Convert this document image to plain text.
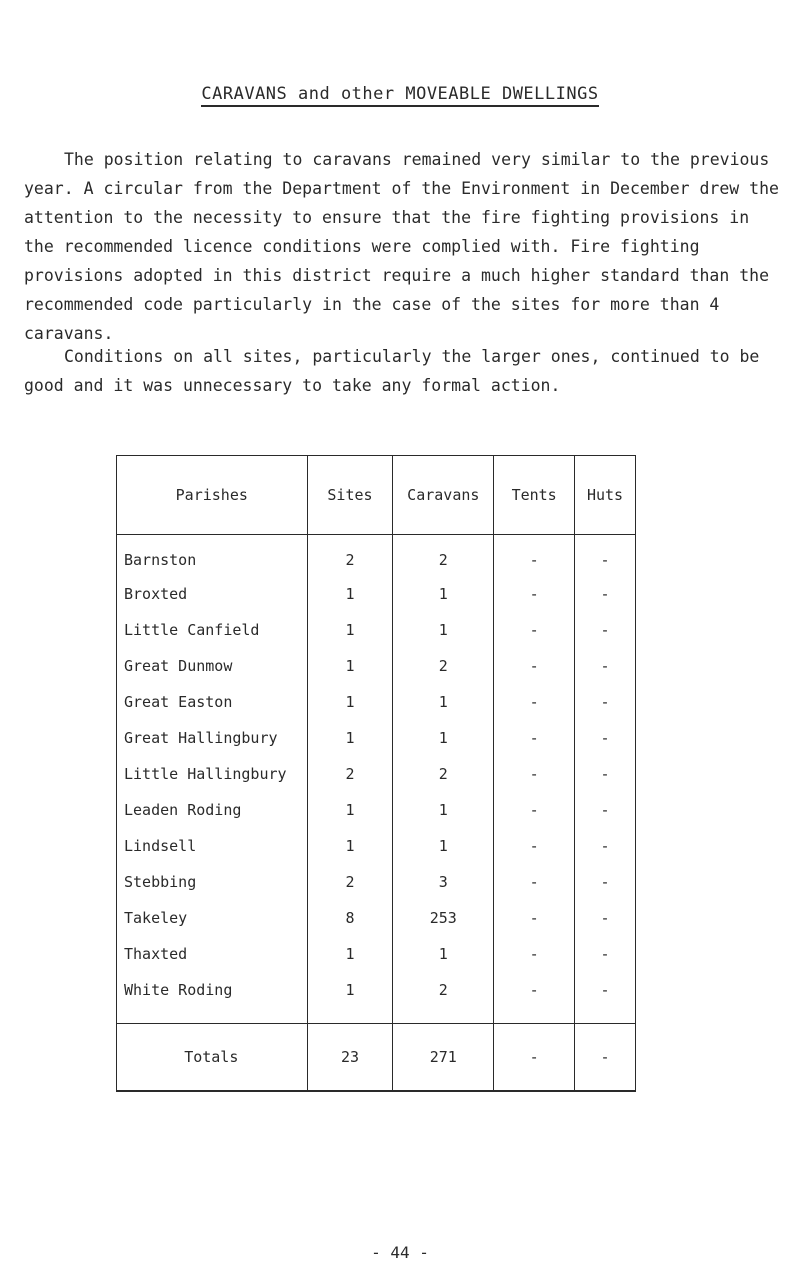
CARAVANS and other MOVEABLE DWELLINGS

The position relating to caravans remained very similar to the previous year. A circular from the Department of the Environment in December drew the attention to the necessity to ensure that the fire fighting provisions in the recommended licence conditions were complied with. Fire fighting provisions adopted in this district require a much higher standard than the recommended code particularly in the case of the sites for more than 4 caravans.

Conditions on all sites, particularly the larger ones, continued to be good and it was unnecessary to take any formal action.

Parishes	Sites	Caravans	Tents	Huts
Barnston	2	2	-	-
Broxted	1	1	-	-
Little Canfield	1	1	-	-
Great Dunmow	1	2	-	-
Great Easton	1	1	-	-
Great Hallingbury	1	1	-	-
Little Hallingbury	2	2	-	-
Leaden Roding	1	1	-	-
Lindsell	1	1	-	-
Stebbing	2	3	-	-
Takeley	8	253	-	-
Thaxted	1	1	-	-
White Roding	1	2	-	-
Totals	23	271	-	-
- 44 -
